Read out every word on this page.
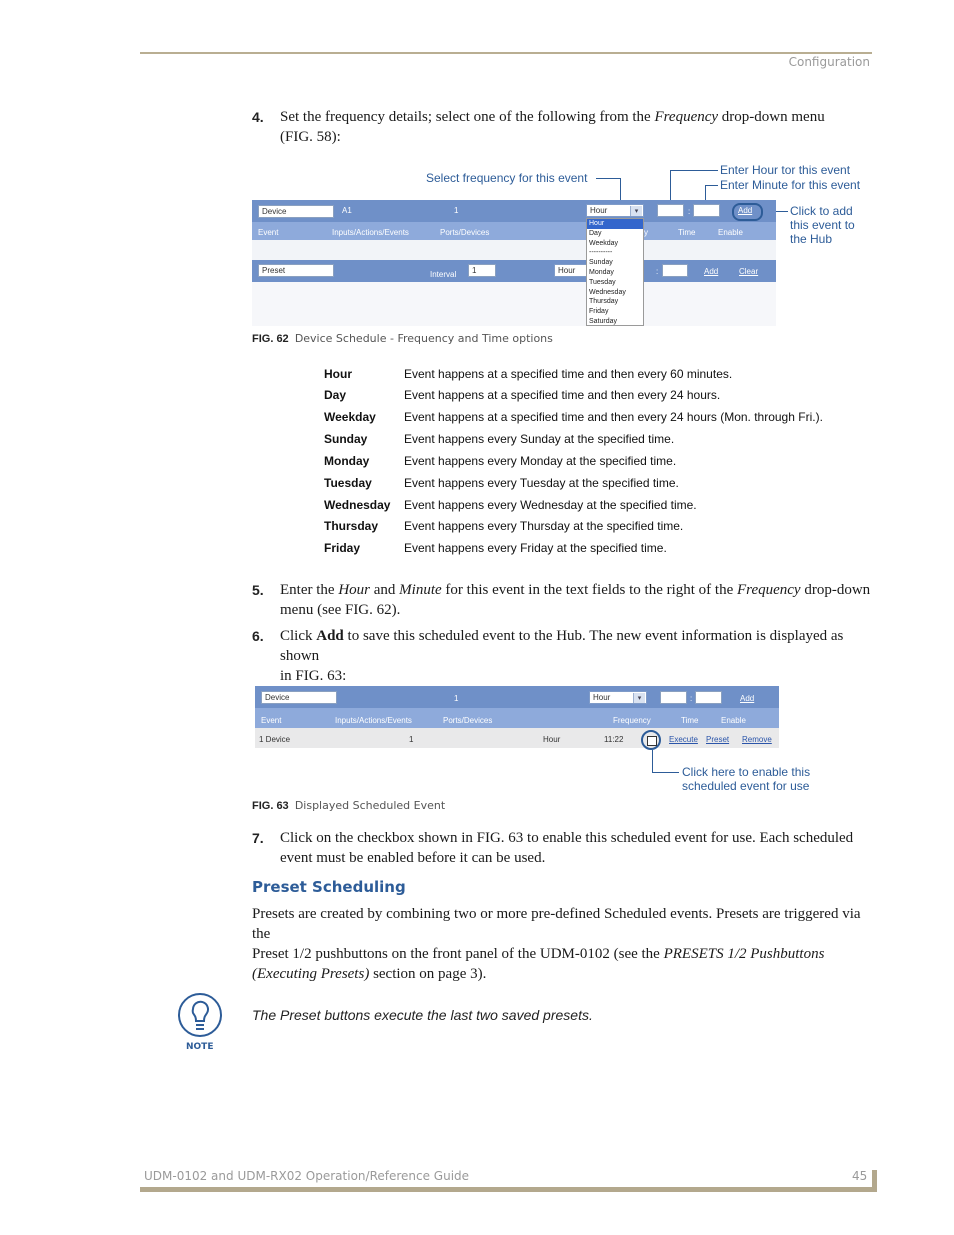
Configuration
4. Set the frequency details; select one of the following from the Frequency drop-down menu
(FIG. 58):
Select frequency for this event
Enter Hour tor this event
Enter Minute for this event
Click to add
this event to
the Hub
Device	A1	1	Hour	▾	:	Add
Event	Inputs/Actions/Events	Ports/Devices	y	Time	Enable
Preset	Interval	1	Hour	:	Add	Clear
Hour
Day
Weekday
----------
Sunday
Monday
Tuesday
Wednesday
Thursday
Friday
Saturday
FIG. 62 Device Schedule - Frequency and Time options
Hour	Event happens at a specified time and then every 60 minutes.
Day	Event happens at a specified time and then every 24 hours.
Weekday Event happens at a specified time and then every 24 hours (Mon. through Fri.).
Sunday	Event happens every Sunday at the specified time.
Monday	Event happens every Monday at the specified time.
Tuesday	Event happens every Tuesday at the specified time.
Wednesday Event happens every Wednesday at the specified time.
Thursday Event happens every Thursday at the specified time.
Friday	Event happens every Friday at the specified time.
5. Enter the Hour and Minute for this event in the text fields to the right of the Frequency drop-down
menu (see FIG. 62).
6. Click Add to save this scheduled event to the Hub. The new event information is displayed as shown
in FIG. 63:
Device	1	Hour	▾	:	Add
Event	Inputs/Actions/Events	Ports/Devices	Frequency	Time	Enable
1 Device	1	Hour	11:22	Execute Preset Remove
Click here to enable this
scheduled event for use
FIG. 63 Displayed Scheduled Event
7. Click on the checkbox shown in FIG. 63 to enable this scheduled event for use. Each scheduled
event must be enabled before it can be used.
Preset Scheduling
Presets are created by combining two or more pre-defined Scheduled events. Presets are triggered via the
Preset 1/2 pushbuttons on the front panel of the UDM-0102 (see the PRESETS 1/2 Pushbuttons
(Executing Presets) section on page 3).
NOTE
The Preset buttons execute the last two saved presets.
UDM-0102 and UDM-RX02 Operation/Reference Guide	45
